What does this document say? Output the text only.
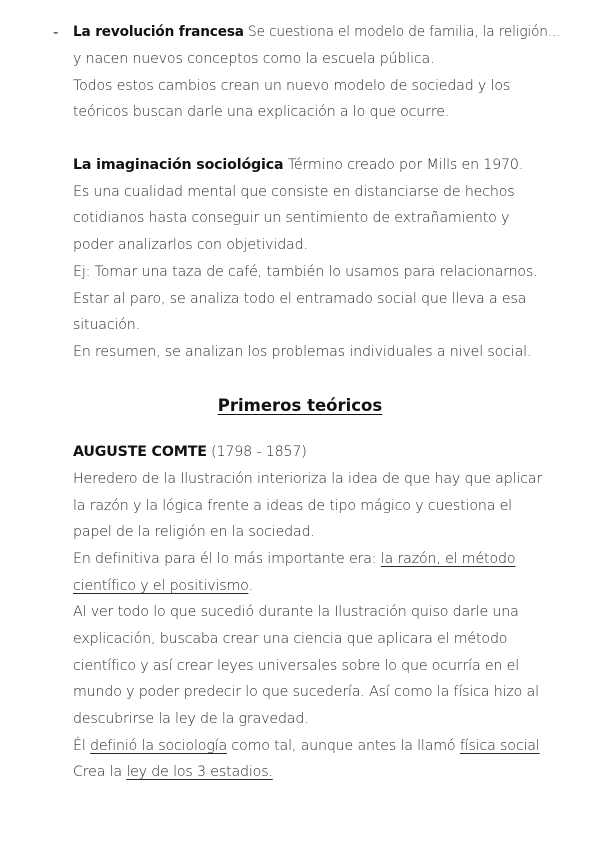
- La revolución francesa Se cuestiona el modelo de familia, la religión...
y nacen nuevos conceptos como la escuela pública.
Todos estos cambios crean un nuevo modelo de sociedad y los
teóricos buscan darle una explicación a lo que ocurre.
La imaginación sociológica Término creado por Mills en 1970.
Es una cualidad mental que consiste en distanciarse de hechos
cotidianos hasta conseguir un sentimiento de extrañamiento y
poder analizarlos con objetividad.
Ej: Tomar una taza de café, también lo usamos para relacionarnos.
Estar al paro, se analiza todo el entramado social que lleva a esa
situación.
En resumen, se analizan los problemas individuales a nivel social.
Primeros teóricos
AUGUSTE COMTE (1798 - 1857)
Heredero de la Ilustración interioriza la idea de que hay que aplicar
la razón y la lógica frente a ideas de tipo mágico y cuestiona el
papel de la religión en la sociedad.
En definitiva para él lo más importante era: la razón, el método
científico y el positivismo.
Al ver todo lo que sucedió durante la Ilustración quiso darle una
explicación, buscaba crear una ciencia que aplicara el método
científico y así crear leyes universales sobre lo que ocurría en el
mundo y poder predecir lo que sucedería. Así como la física hizo al
descubrirse la ley de la gravedad.
Él definió la sociología como tal, aunque antes la llamó física social
Crea la ley de los 3 estadios.
